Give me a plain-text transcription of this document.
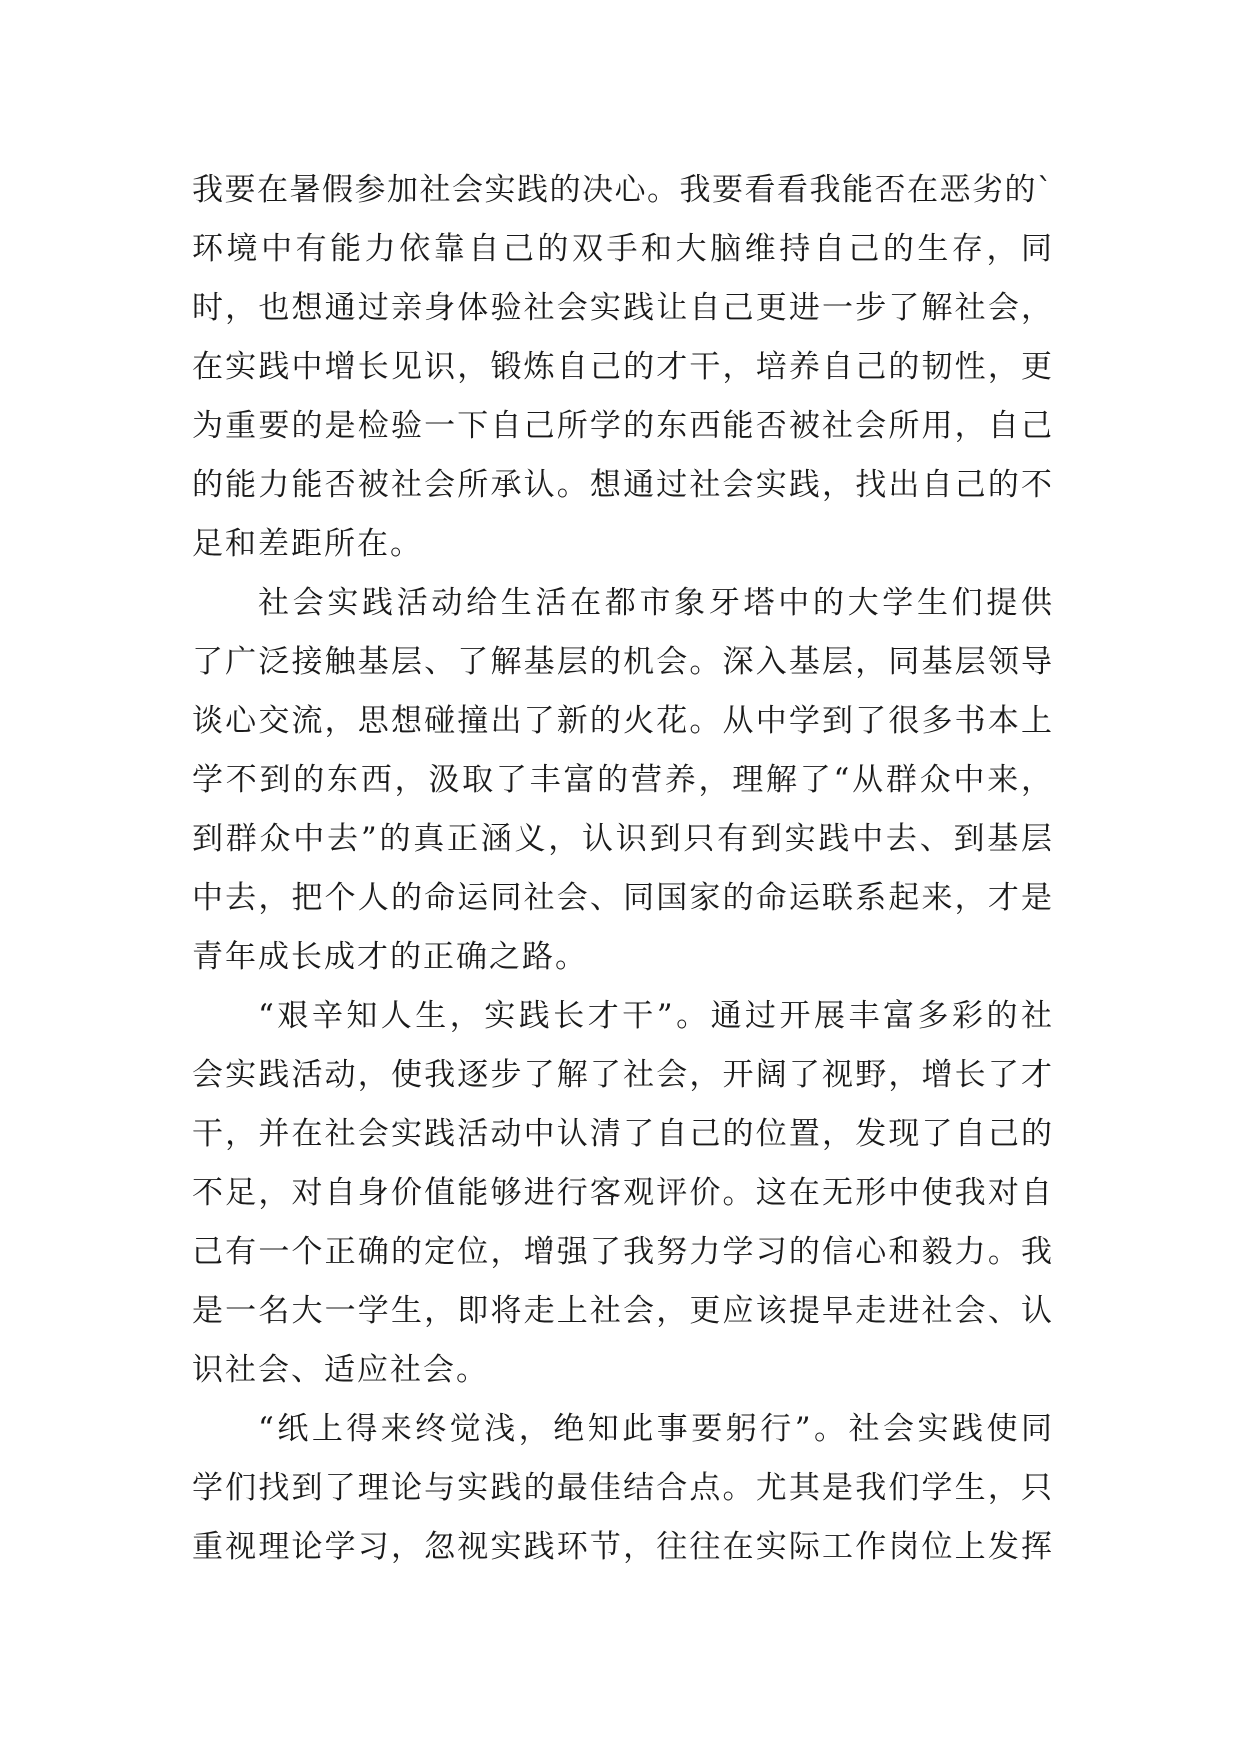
我要在暑假参加社会实践的决心。我要看看我能否在恶劣的`
环境中有能力依靠自己的双手和大脑维持自己的生存，同
时，也想通过亲身体验社会实践让自己更进一步了解社会，
在实践中增长见识，锻炼自己的才干，培养自己的韧性，更
为重要的是检验一下自己所学的东西能否被社会所用，自己
的能力能否被社会所承认。想通过社会实践，找出自己的不
足和差距所在。
社会实践活动给生活在都市象牙塔中的大学生们提供
了广泛接触基层、了解基层的机会。深入基层，同基层领导
谈心交流，思想碰撞出了新的火花。从中学到了很多书本上
学不到的东西，汲取了丰富的营养，理解了“从群众中来，
到群众中去”的真正涵义，认识到只有到实践中去、到基层
中去，把个人的命运同社会、同国家的命运联系起来，才是
青年成长成才的正确之路。
“艰辛知人生，实践长才干”。通过开展丰富多彩的社
会实践活动，使我逐步了解了社会，开阔了视野，增长了才
干，并在社会实践活动中认清了自己的位置，发现了自己的
不足，对自身价值能够进行客观评价。这在无形中使我对自
己有一个正确的定位，增强了我努力学习的信心和毅力。我
是一名大一学生，即将走上社会，更应该提早走进社会、认
识社会、适应社会。
“纸上得来终觉浅，绝知此事要躬行”。社会实践使同
学们找到了理论与实践的最佳结合点。尤其是我们学生，只
重视理论学习，忽视实践环节，往往在实际工作岗位上发挥
